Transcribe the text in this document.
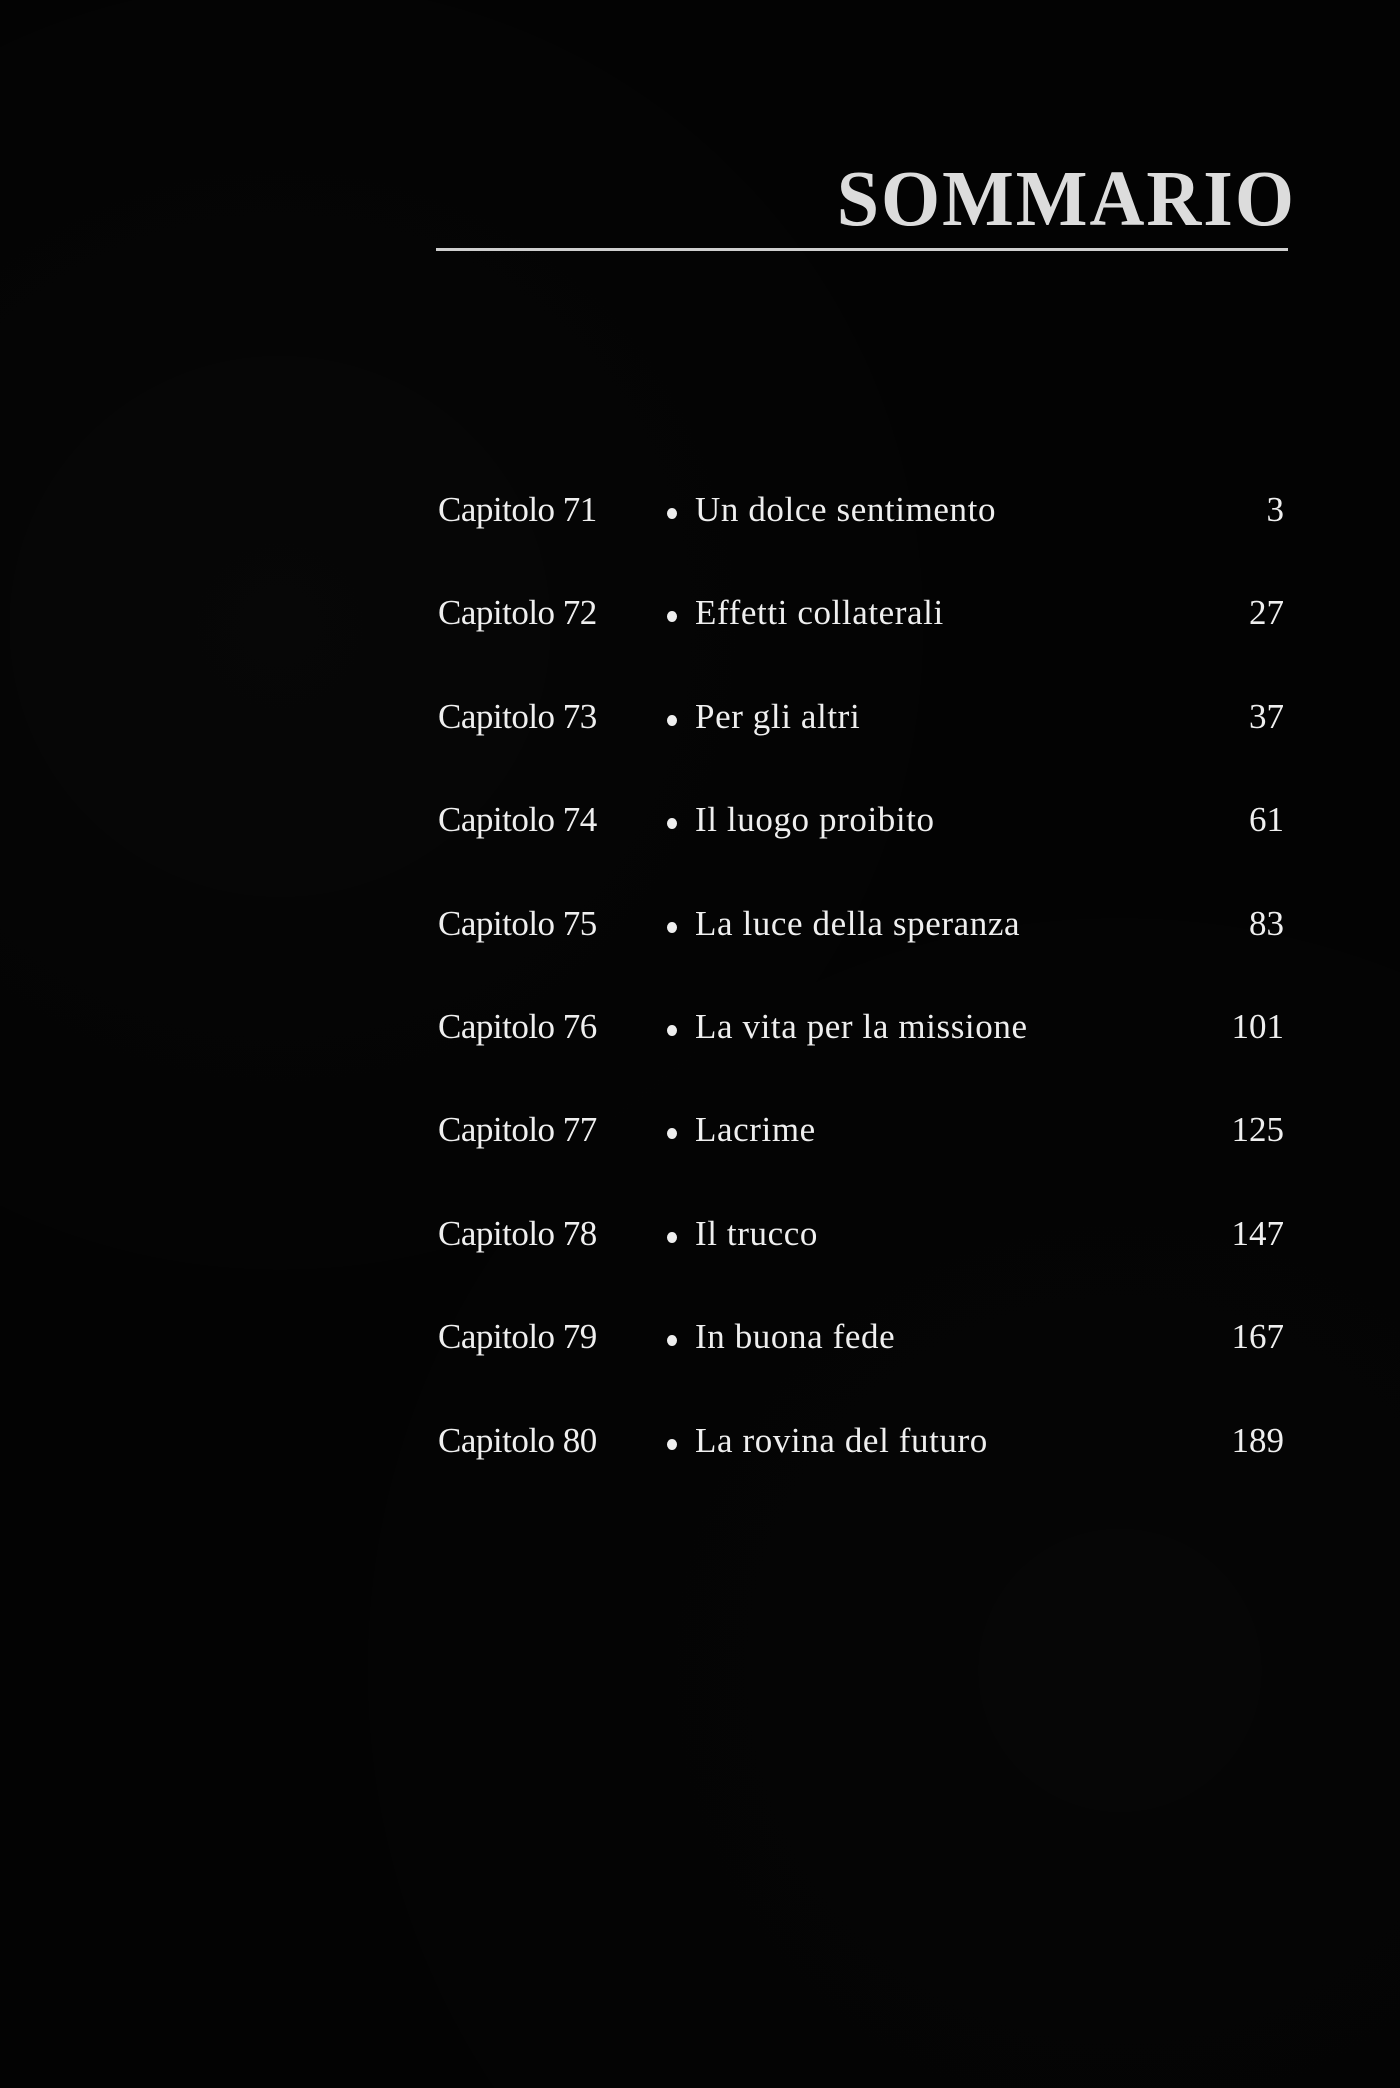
SOMMARIO
Capitolo 71	Un dolce sentimento	3
Capitolo 72	Effetti collaterali	27
Capitolo 73	Per gli altri	37
Capitolo 74	Il luogo proibito	61
Capitolo 75	La luce della speranza	83
Capitolo 76	La vita per la missione	101
Capitolo 77	Lacrime	125
Capitolo 78	Il trucco	147
Capitolo 79	In buona fede	167
Capitolo 80	La rovina del futuro	189
